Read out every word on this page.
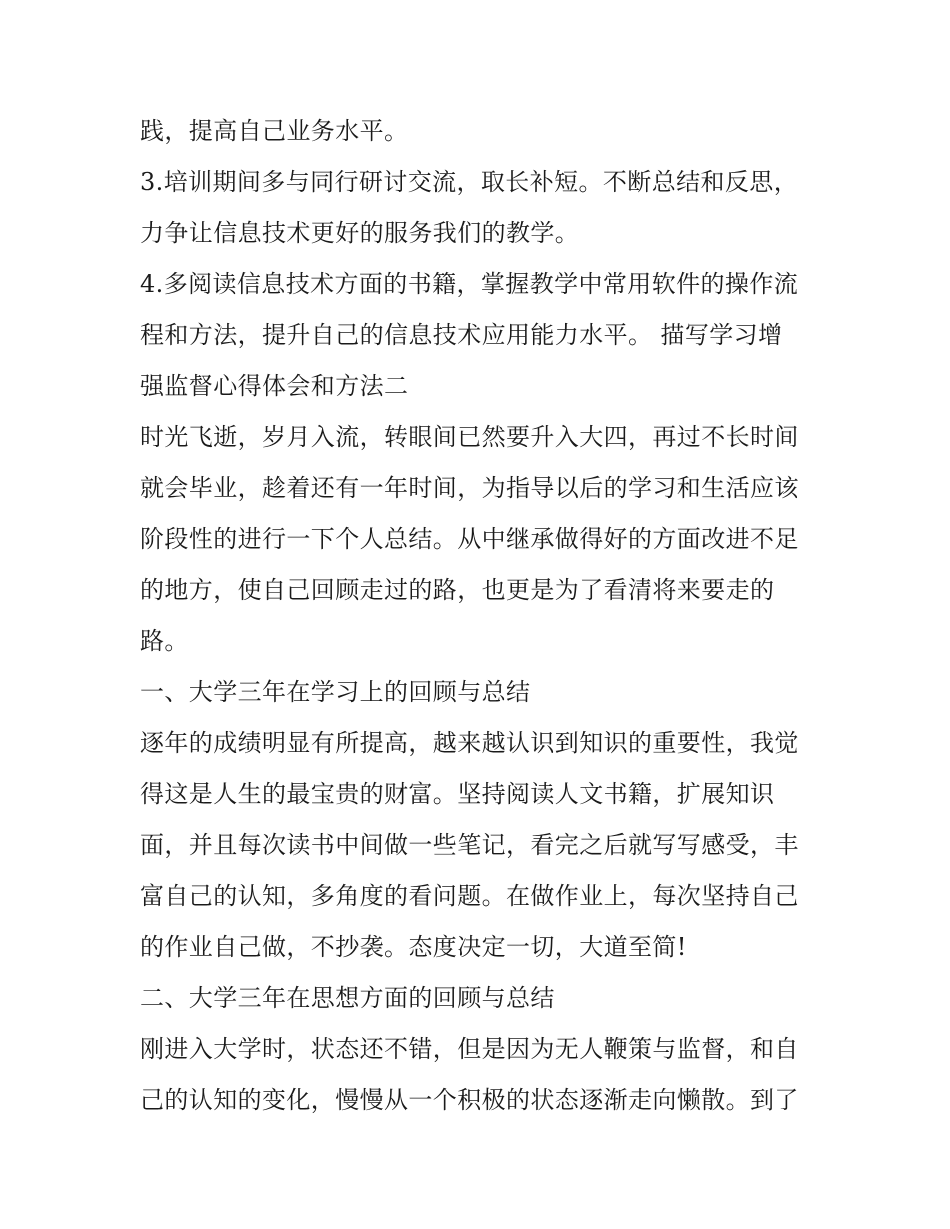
践，提高自己业务水平。
3.培训期间多与同行研讨交流，取长补短。不断总结和反思，
力争让信息技术更好的服务我们的教学。
4.多阅读信息技术方面的书籍，掌握教学中常用软件的操作流
程和方法，提升自己的信息技术应用能力水平。 描写学习增
强监督心得体会和方法二
时光飞逝，岁月入流，转眼间已然要升入大四，再过不长时间
就会毕业，趁着还有一年时间，为指导以后的学习和生活应该
阶段性的进行一下个人总结。从中继承做得好的方面改进不足
的地方，使自己回顾走过的路，也更是为了看清将来要走的
路。
一、大学三年在学习上的回顾与总结
逐年的成绩明显有所提高，越来越认识到知识的重要性，我觉
得这是人生的最宝贵的财富。坚持阅读人文书籍，扩展知识
面，并且每次读书中间做一些笔记，看完之后就写写感受，丰
富自己的认知，多角度的看问题。在做作业上，每次坚持自己
的作业自己做，不抄袭。态度决定一切，大道至简!
二、大学三年在思想方面的回顾与总结
刚进入大学时，状态还不错，但是因为无人鞭策与监督，和自
己的认知的变化，慢慢从一个积极的状态逐渐走向懒散。到了
